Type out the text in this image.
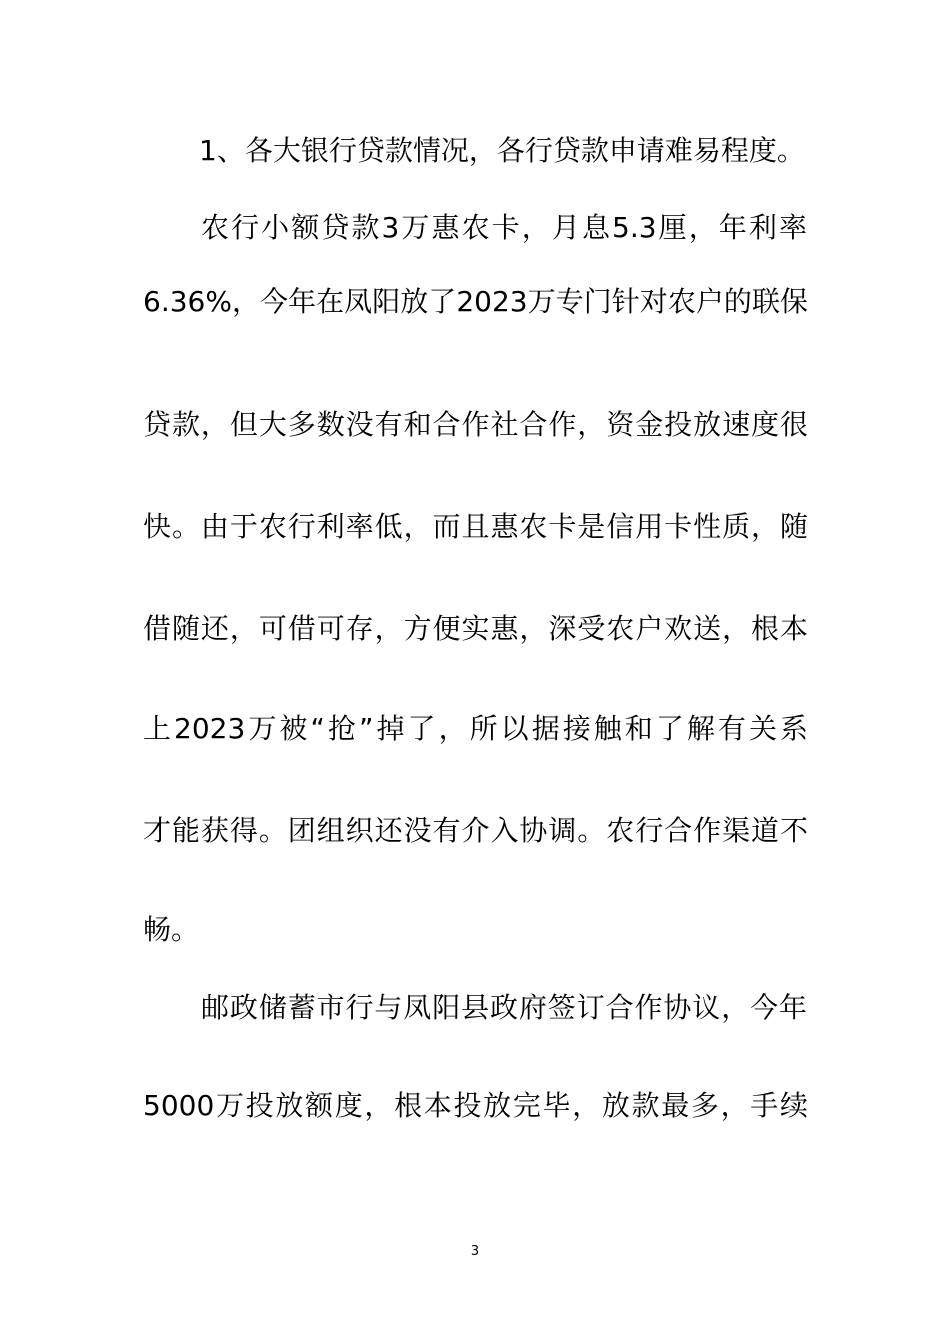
1、各大银行贷款情况，各行贷款申请难易程度。
农行小额贷款3万惠农卡，月息5.3厘，年利率
6.36%，今年在凤阳放了2023万专门针对农户的联保
贷款，但大多数没有和合作社合作，资金投放速度很
快。由于农行利率低，而且惠农卡是信用卡性质，随
借随还，可借可存，方便实惠，深受农户欢送，根本
上2023万被“抢”掉了，所以据接触和了解有关系
才能获得。团组织还没有介入协调。农行合作渠道不
畅。
邮政储蓄市行与凤阳县政府签订合作协议，今年
5000万投放额度，根本投放完毕，放款最多，手续
3
